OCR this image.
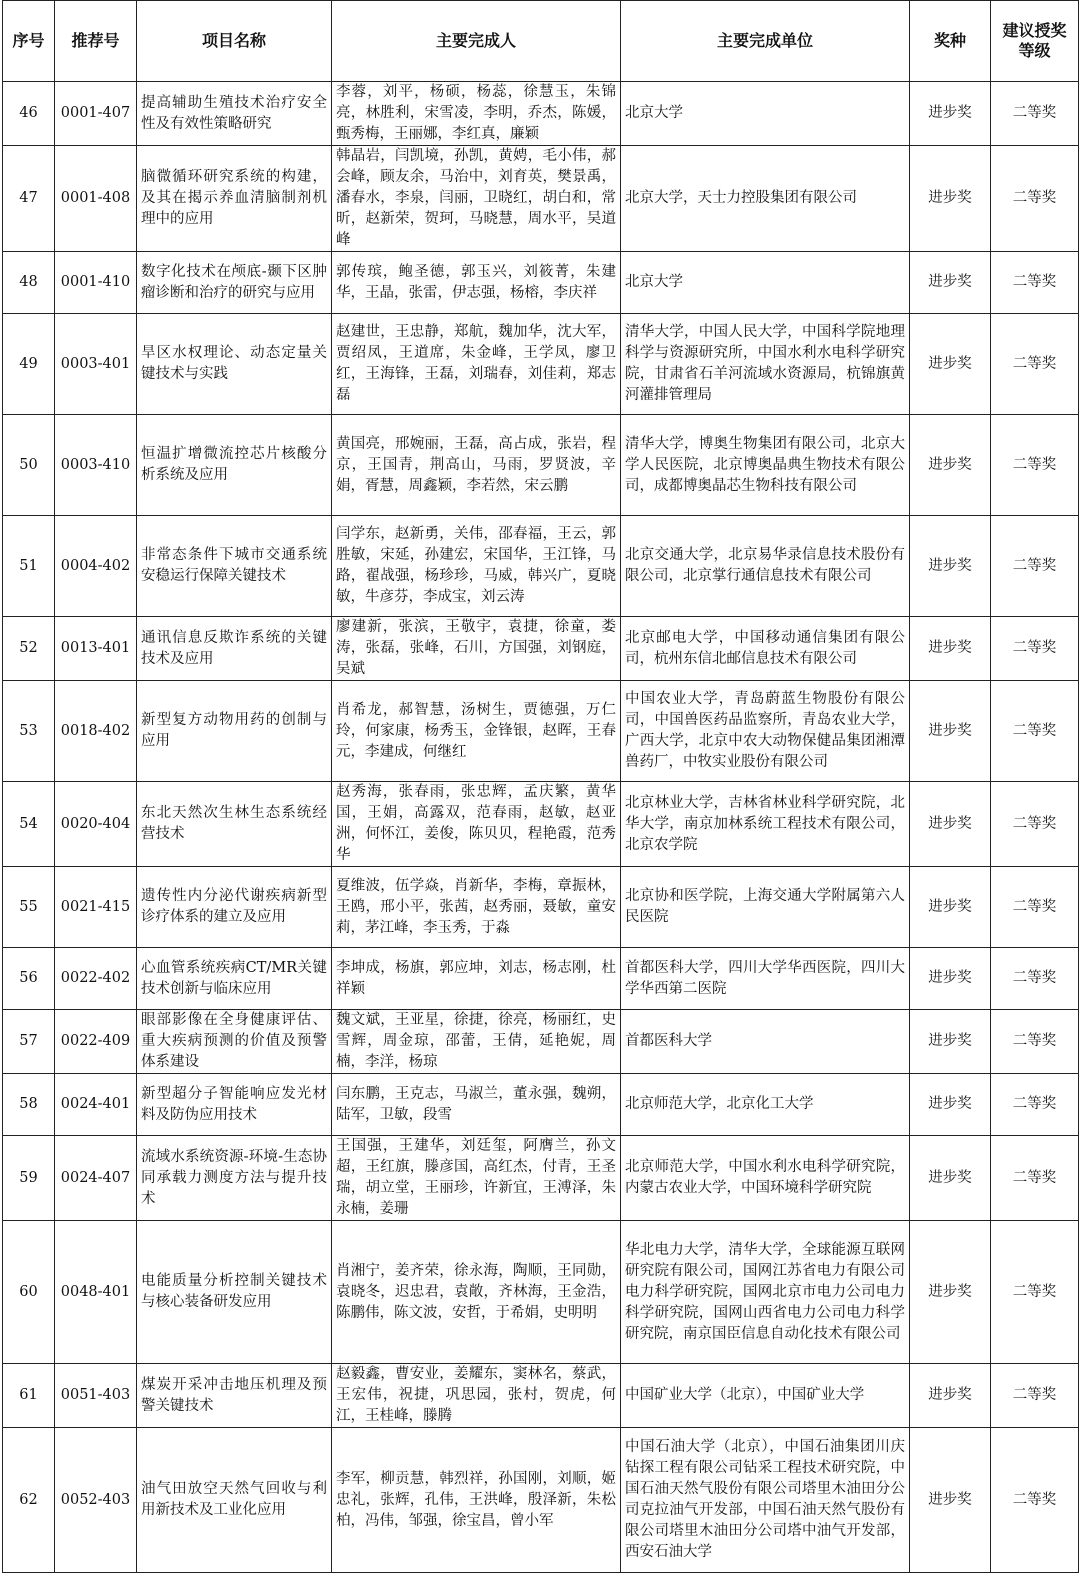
序号	推荐号	项目名称	主要完成人	主要完成单位	奖种	建议授奖等级
46	0001-407	提高辅助生殖技术治疗安全性及有效性策略研究	李蓉，刘平，杨硕，杨蕊，徐慧玉，朱锦亮，林胜利，宋雪凌，李明，乔杰，陈媛，甄秀梅，王丽娜，李红真，廉颖	北京大学	进步奖	二等奖
47	0001-408	脑微循环研究系统的构建，及其在揭示养血清脑制剂机理中的应用	韩晶岩，闫凯境，孙凯，黄娉，毛小伟，郝会峰，顾友余，马治中，刘育英，樊景禹，潘春水，李泉，闫丽，卫晓红，胡白和，常昕，赵新荣，贺珂，马晓慧，周水平，吴道峰	北京大学，天士力控股集团有限公司	进步奖	二等奖
48	0001-410	数字化技术在颅底-颞下区肿瘤诊断和治疗的研究与应用	郭传瑸，鲍圣德，郭玉兴，刘筱菁，朱建华，王晶，张雷，伊志强，杨榕，李庆祥	北京大学	进步奖	二等奖
49	0003-401	旱区水权理论、动态定量关键技术与实践	赵建世，王忠静，郑航，魏加华，沈大军，贾绍凤，王道席，朱金峰，王学凤，廖卫红，王海锋，王磊，刘瑞春，刘佳莉，郑志磊	清华大学，中国人民大学，中国科学院地理科学与资源研究所，中国水利水电科学研究院，甘肃省石羊河流域水资源局，杭锦旗黄河灌排管理局	进步奖	二等奖
50	0003-410	恒温扩增微流控芯片核酸分析系统及应用	黄国亮，邢婉丽，王磊，高占成，张岩，程京，王国青，荆高山，马雨，罗贤波，辛娟，胥慧，周鑫颖，李若然，宋云鹏	清华大学，博奥生物集团有限公司，北京大学人民医院，北京博奥晶典生物技术有限公司，成都博奥晶芯生物科技有限公司	进步奖	二等奖
51	0004-402	非常态条件下城市交通系统安稳运行保障关键技术	闫学东，赵新勇，关伟，邵春福，王云，郭胜敏，宋延，孙建宏，宋国华，王江锋，马路，翟战强，杨珍珍，马威，韩兴广，夏晓敏，牛彦芬，李成宝，刘云涛	北京交通大学，北京易华录信息技术股份有限公司，北京掌行通信息技术有限公司	进步奖	二等奖
52	0013-401	通讯信息反欺诈系统的关键技术及应用	廖建新，张滨，王敬宇，袁捷，徐童，娄涛，张磊，张峰，石川，方国强，刘钢庭，吴斌	北京邮电大学，中国移动通信集团有限公司，杭州东信北邮信息技术有限公司	进步奖	二等奖
53	0018-402	新型复方动物用药的创制与应用	肖希龙，郝智慧，汤树生，贾德强，万仁玲，何家康，杨秀玉，金锋银，赵晖，王春元，李建成，何继红	中国农业大学，青岛蔚蓝生物股份有限公司，中国兽医药品监察所，青岛农业大学，广西大学，北京中农大动物保健品集团湘潭兽药厂，中牧实业股份有限公司	进步奖	二等奖
54	0020-404	东北天然次生林生态系统经营技术	赵秀海，张春雨，张忠辉，孟庆繁，黄华国，王娟，高露双，范春雨，赵敏，赵亚洲，何怀江，姜俊，陈贝贝，程艳霞，范秀华	北京林业大学，吉林省林业科学研究院，北华大学，南京加林系统工程技术有限公司，北京农学院	进步奖	二等奖
55	0021-415	遗传性内分泌代谢疾病新型诊疗体系的建立及应用	夏维波，伍学焱，肖新华，李梅，章振林，王鸥，邢小平，张茜，赵秀丽，聂敏，童安莉，茅江峰，李玉秀，于淼	北京协和医学院，上海交通大学附属第六人民医院	进步奖	二等奖
56	0022-402	心血管系统疾病CT/MR关键技术创新与临床应用	李坤成，杨旗，郭应坤，刘志，杨志刚，杜祥颖	首都医科大学，四川大学华西医院，四川大学华西第二医院	进步奖	二等奖
57	0022-409	眼部影像在全身健康评估、重大疾病预测的价值及预警体系建设	魏文斌，王亚星，徐捷，徐亮，杨丽红，史雪辉，周金琼，邵蕾，王倩，延艳妮，周楠，李洋，杨琼	首都医科大学	进步奖	二等奖
58	0024-401	新型超分子智能响应发光材料及防伪应用技术	闫东鹏，王克志，马淑兰，董永强，魏朔，陆军，卫敏，段雪	北京师范大学，北京化工大学	进步奖	二等奖
59	0024-407	流域水系统资源-环境-生态协同承载力测度方法与提升技术	王国强，王建华，刘廷玺，阿膺兰，孙文超，王红旗，滕彦国，高红杰，付青，王圣瑞，胡立堂，王丽珍，许新宜，王溥泽，朱永楠，姜珊	北京师范大学，中国水利水电科学研究院，内蒙古农业大学，中国环境科学研究院	进步奖	二等奖
60	0048-401	电能质量分析控制关键技术与核心装备研发应用	肖湘宁，姜齐荣，徐永海，陶顺，王同勋，袁晓冬，迟忠君，袁敞，齐林海，王金浩，陈鹏伟，陈文波，安哲，于希娟，史明明	华北电力大学，清华大学，全球能源互联网研究院有限公司，国网江苏省电力有限公司电力科学研究院，国网北京市电力公司电力科学研究院，国网山西省电力公司电力科学研究院，南京国臣信息自动化技术有限公司	进步奖	二等奖
61	0051-403	煤炭开采冲击地压机理及预警关键技术	赵毅鑫，曹安业，姜耀东，窦林名，蔡武，王宏伟，祝捷，巩思园，张村，贺虎，何江，王桂峰，滕腾	中国矿业大学（北京），中国矿业大学	进步奖	二等奖
62	0052-403	油气田放空天然气回收与利用新技术及工业化应用	李军，柳贡慧，韩烈祥，孙国刚，刘顺，姬忠礼，张辉，孔伟，王洪峰，殷泽新，朱松柏，冯伟，邹强，徐宝昌，曾小军	中国石油大学（北京），中国石油集团川庆钻探工程有限公司钻采工程技术研究院，中国石油天然气股份有限公司塔里木油田分公司克拉油气开发部，中国石油天然气股份有限公司塔里木油田分公司塔中油气开发部，西安石油大学	进步奖	二等奖
